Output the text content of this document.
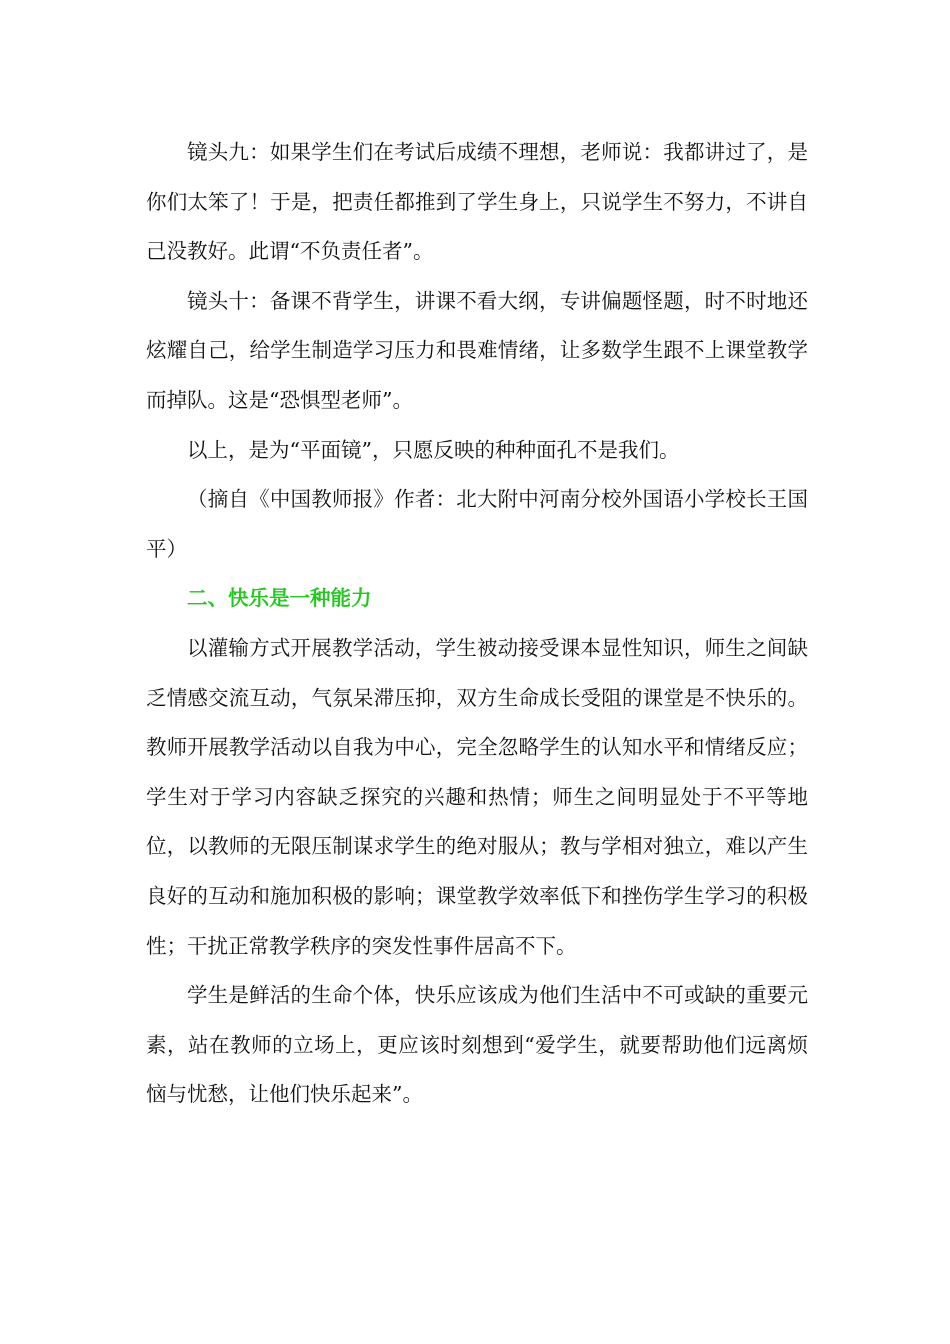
镜头九：如果学生们在考试后成绩不理想，老师说：我都讲过了，是你们太笨了！于是，把责任都推到了学生身上，只说学生不努力，不讲自己没教好。此谓“不负责任者”。

镜头十：备课不背学生，讲课不看大纲，专讲偏题怪题，时不时地还炫耀自己，给学生制造学习压力和畏难情绪，让多数学生跟不上课堂教学而掉队。这是“恐惧型老师”。

以上，是为“平面镜”，只愿反映的种种面孔不是我们。

（摘自《中国教师报》作者：北大附中河南分校外国语小学校长王国平）

二、快乐是一种能力

以灌输方式开展教学活动，学生被动接受课本显性知识，师生之间缺乏情感交流互动，气氛呆滞压抑，双方生命成长受阻的课堂是不快乐的。教师开展教学活动以自我为中心，完全忽略学生的认知水平和情绪反应；学生对于学习内容缺乏探究的兴趣和热情；师生之间明显处于不平等地位，以教师的无限压制谋求学生的绝对服从；教与学相对独立，难以产生良好的互动和施加积极的影响；课堂教学效率低下和挫伤学生学习的积极性；干扰正常教学秩序的突发性事件居高不下。

学生是鲜活的生命个体，快乐应该成为他们生活中不可或缺的重要元素，站在教师的立场上，更应该时刻想到“爱学生，就要帮助他们远离烦恼与忧愁，让他们快乐起来”。
